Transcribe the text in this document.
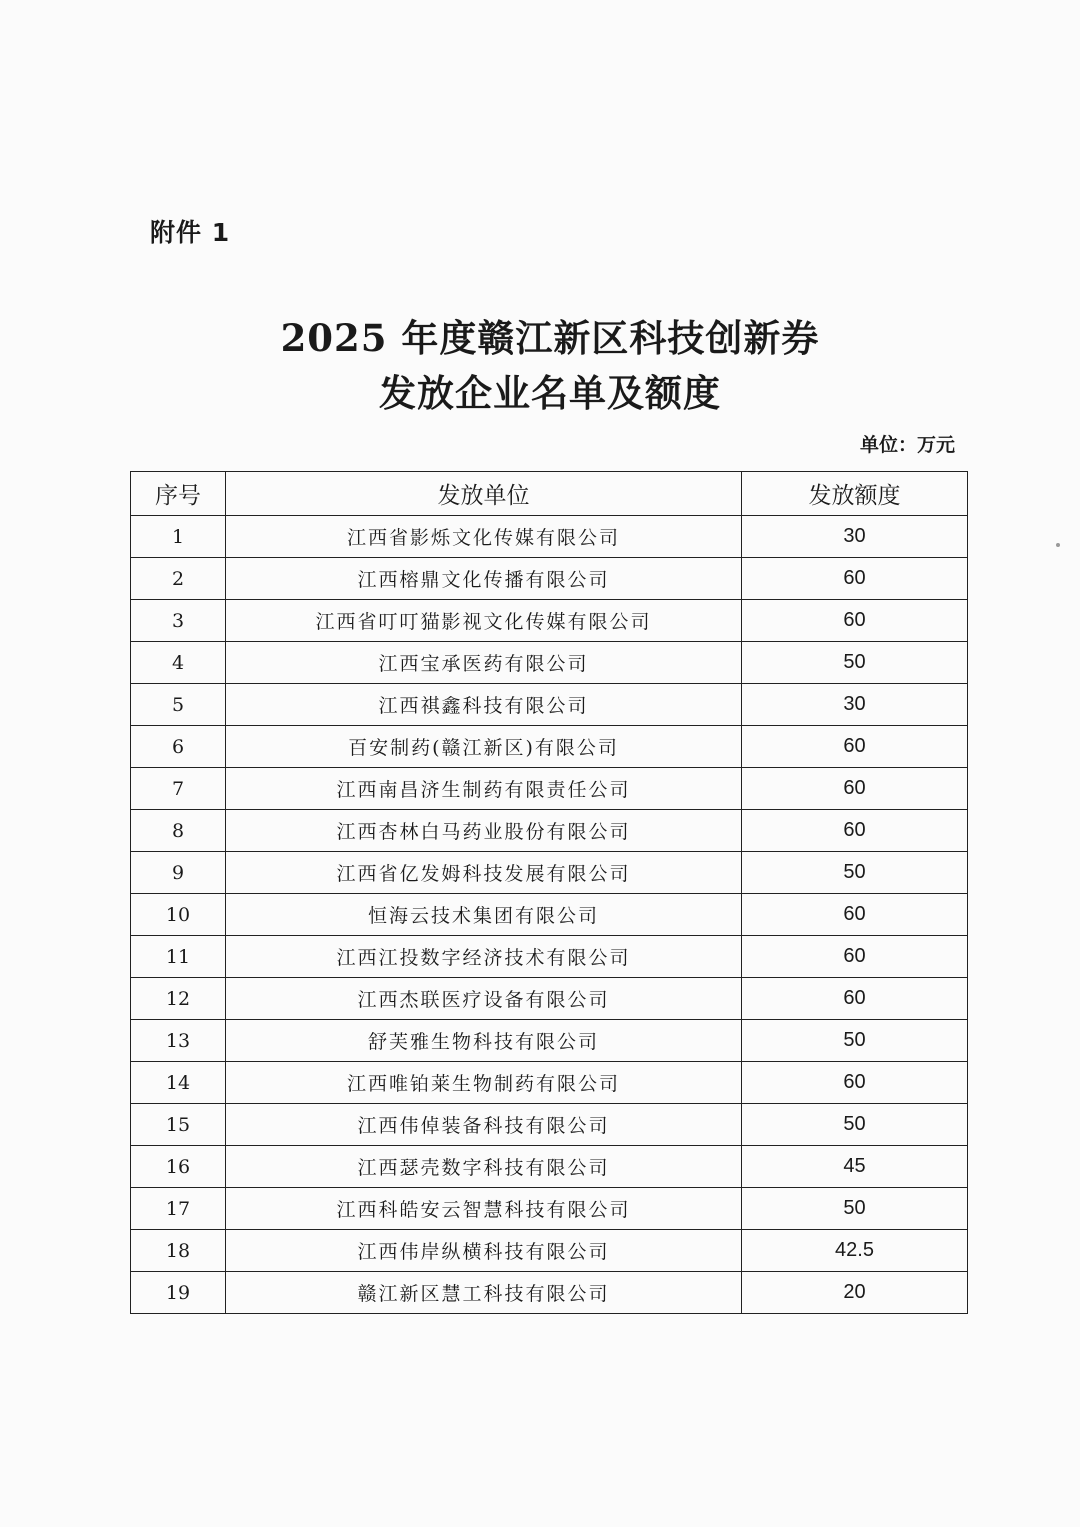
附件 1
2025 年度赣江新区科技创新券
发放企业名单及额度
单位：万元
序号	发放单位	发放额度
1	江西省影烁文化传媒有限公司	30
2	江西榕鼎文化传播有限公司	60
3	江西省叮叮猫影视文化传媒有限公司	60
4	江西宝承医药有限公司	50
5	江西祺鑫科技有限公司	30
6	百安制药(赣江新区)有限公司	60
7	江西南昌济生制药有限责任公司	60
8	江西杏林白马药业股份有限公司	60
9	江西省亿发姆科技发展有限公司	50
10	恒海云技术集团有限公司	60
11	江西江投数字经济技术有限公司	60
12	江西杰联医疗设备有限公司	60
13	舒芙雅生物科技有限公司	50
14	江西唯铂莱生物制药有限公司	60
15	江西伟倬装备科技有限公司	50
16	江西瑟壳数字科技有限公司	45
17	江西科皓安云智慧科技有限公司	50
18	江西伟岸纵横科技有限公司	42.5
19	赣江新区慧工科技有限公司	20
